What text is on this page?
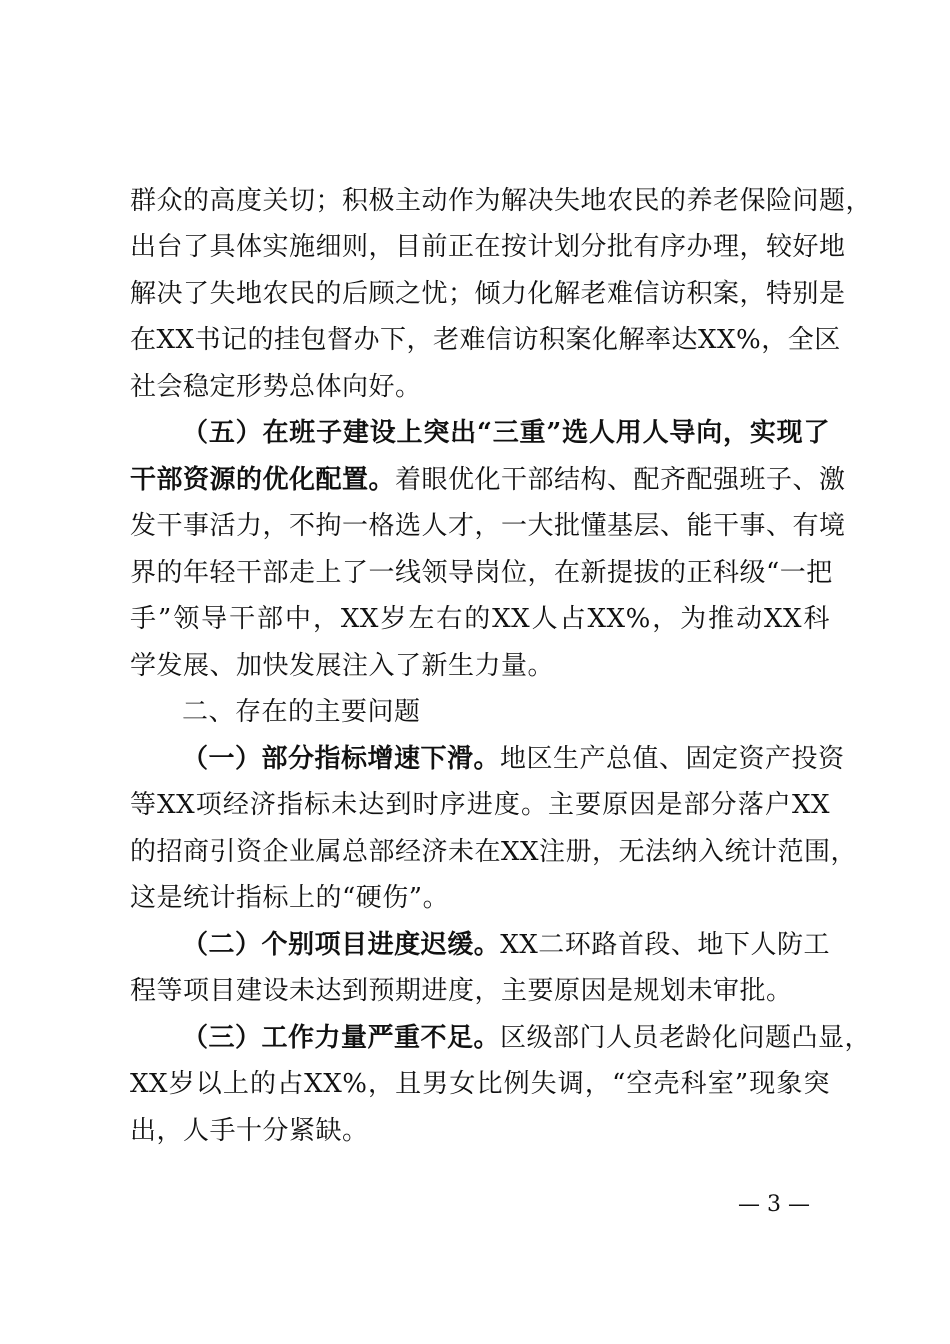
群众的高度关切；积极主动作为解决失地农民的养老保险问题，
出台了具体实施细则，目前正在按计划分批有序办理，较好地
解决了失地农民的后顾之忧；倾力化解老难信访积案，特别是
在XX书记的挂包督办下，老难信访积案化解率达XX%，全区
社会稳定形势总体向好。
（五）在班子建设上突出“三重”选人用人导向，实现了
干部资源的优化配置。着眼优化干部结构、配齐配强班子、激
发干事活力，不拘一格选人才，一大批懂基层、能干事、有境
界的年轻干部走上了一线领导岗位，在新提拔的正科级“一把
手”领导干部中，XX岁左右的XX人占XX%，为推动XX科
学发展、加快发展注入了新生力量。
二、存在的主要问题
（一）部分指标增速下滑。地区生产总值、固定资产投资
等XX项经济指标未达到时序进度。主要原因是部分落户XX
的招商引资企业属总部经济未在XX注册，无法纳入统计范围，
这是统计指标上的“硬伤”。
（二）个别项目进度迟缓。XX二环路首段、地下人防工
程等项目建设未达到预期进度，主要原因是规划未审批。
（三）工作力量严重不足。区级部门人员老龄化问题凸显，
XX岁以上的占XX%，且男女比例失调，“空壳科室”现象突
出，人手十分紧缺。
— 3 —
